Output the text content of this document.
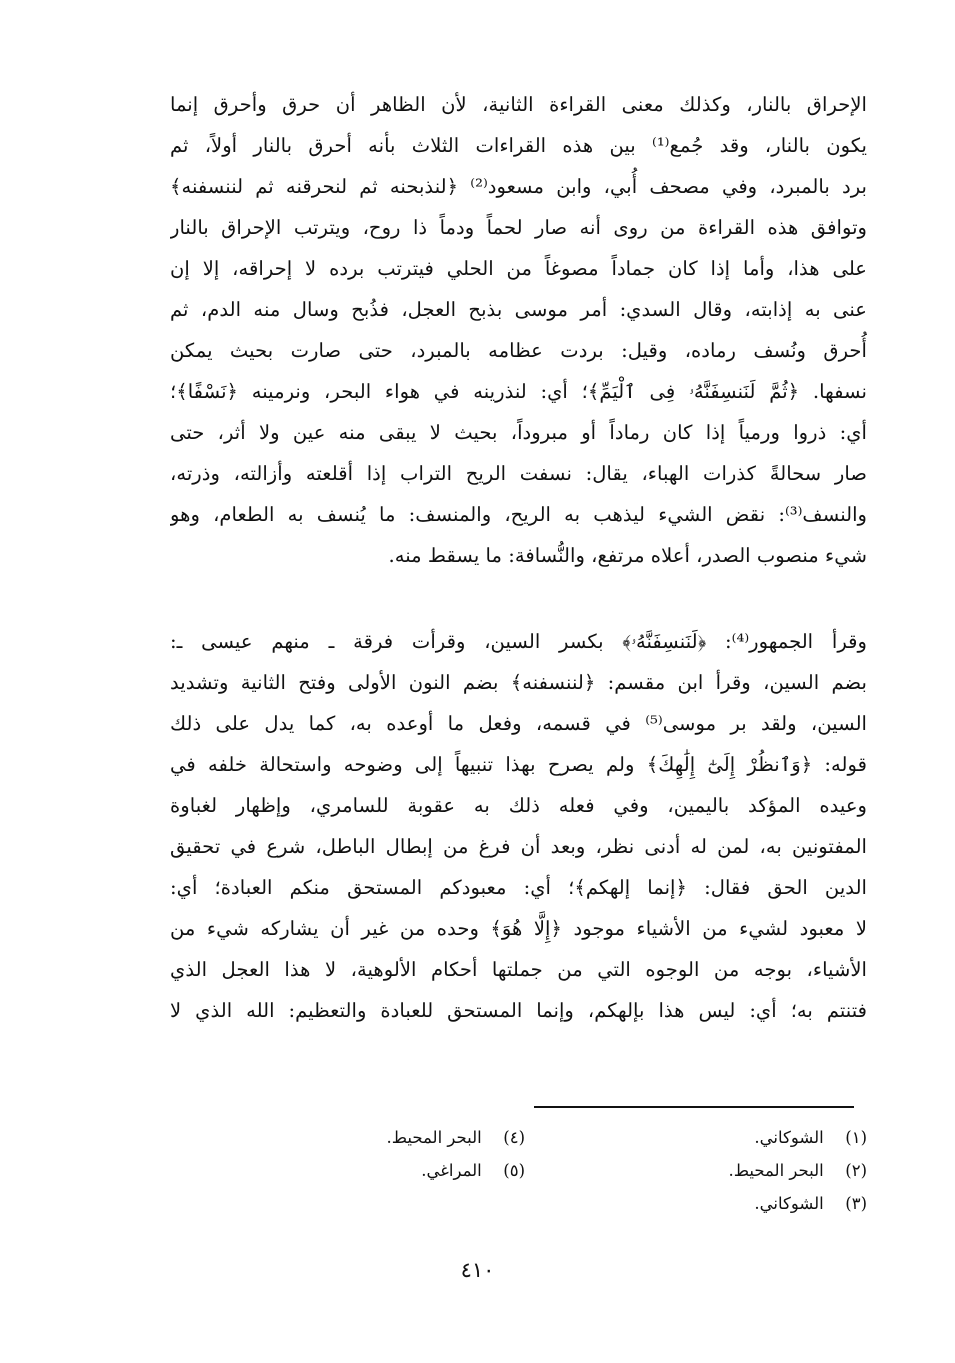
الإحراق بالنار، وكذلك معنى القراءة الثانية، لأن الظاهر أن حرق وأحرق إنما
يكون بالنار، وقد جُمع⁽¹⁾ بين هذه القراءات الثلاث بأنه أحرق بالنار أولاً، ثم
برد بالمبرد، وفي مصحف أُبي، وابن مسعود⁽²⁾ ﴿لنذبحنه ثم لنحرقنه ثم لننسفنه﴾
وتوافق هذه القراءة من روى أنه صار لحماً ودماً ذا روح، ويترتب الإحراق بالنار
على هذا، وأما إذا كان جماداً مصوغاً من الحلي فيترتب برده لا إحراقه، إلا إن
عنى به إذابته، وقال السدي: أمر موسى بذبح العجل، فذُبح وسال منه الدم، ثم
أُحرق ونُسف رماده، وقيل: بردت عظامه بالمبرد، حتى صارت بحيث يمكن
نسفها. ﴿ثُمَّ لَنَنسِفَنَّهُۥ فِى ٱلْيَمِّ﴾؛ أي: لنذرينه في هواء البحر، ونرمينه ﴿نَسْفًا﴾؛
أي: ذروا ورمياً إذا كان رماداً أو مبروداً، بحيث لا يبقى منه عين ولا أثر، حتى
صار سحالةً كذرات الهباء، يقال: نسفت الريح التراب إذا أقلعته وأزالته، وذرته،
والنسف⁽³⁾: نقض الشيء ليذهب به الريح، والمنسف: ما يُنسف به الطعام، وهو
شيء منصوب الصدر، أعلاه مرتفع، والنُّسافة: ما يسقط منه.
وقرأ الجمهور⁽⁴⁾: ﴿لَنَنسِفَنَّهُۥ﴾ بكسر السين، وقرأت فرقة ـ منهم عيسى ـ:
بضم السين، وقرأ ابن مقسم: ﴿لننسفنه﴾ بضم النون الأولى وفتح الثانية وتشديد
السين، ولقد بر موسى⁽⁵⁾ في قسمه، وفعل ما أوعده به، كما يدل على ذلك
قوله: ﴿وَٱنظُرْ إِلَىٰٓ إِلَٰهِكَ﴾ ولم يصرح بهذا تنبيهاً إلى وضوحه واستحالة خلفه في
وعيده المؤكد باليمين، وفي فعله ذلك به عقوبة للسامري، وإظهار لغباوة
المفتونين به، لمن له أدنى نظر، وبعد أن فرغ من إبطال الباطل، شرع في تحقيق
الدين الحق فقال: ﴿إنما إلهكم﴾؛ أي: معبودكم المستحق منكم العبادة؛ أي:
لا معبود لشيء من الأشياء موجود ﴿إِلَّا هُوَ﴾ وحده من غير أن يشاركه شيء من
الأشياء، بوجه من الوجوه التي من جملتها أحكام الألوهية، لا هذا العجل الذي
فتنتم به؛ أي: ليس هذا بإلهكم، وإنما المستحق للعبادة والتعظيم: الله الذي لا
(١) الشوكاني.
(٢) البحر المحيط.
(٣) الشوكاني.
(٤) البحر المحيط.
(٥) المراغي.
٤١٠
